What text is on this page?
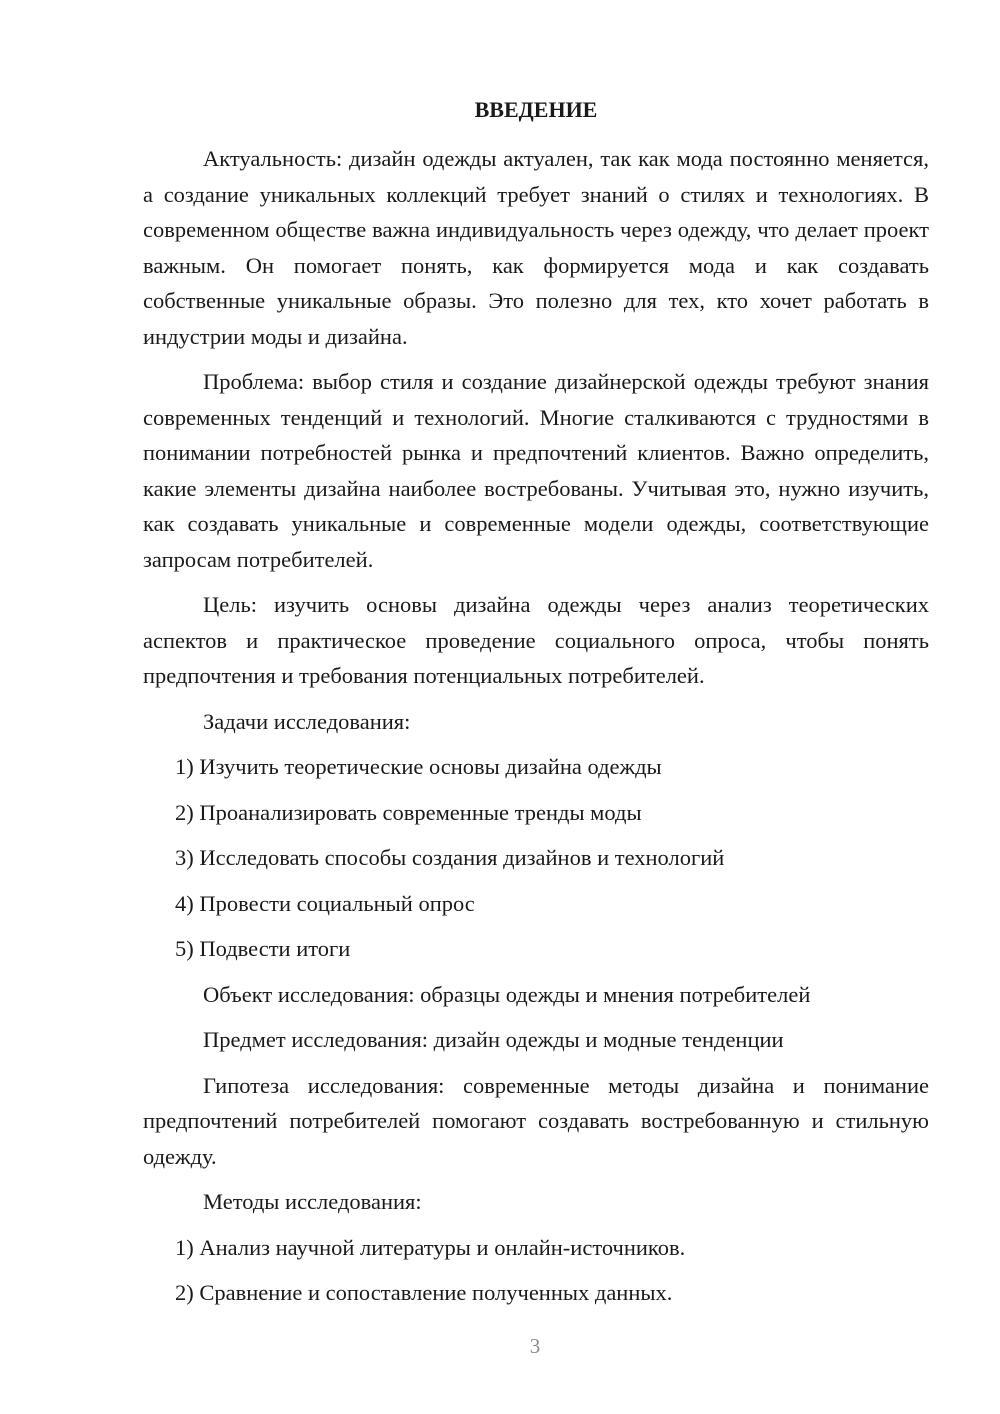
ВВЕДЕНИЕ

Актуальность: дизайн одежды актуален, так как мода постоянно меняется, а создание уникальных коллекций требует знаний о стилях и технологиях. В современном обществе важна индивидуальность через одежду, что делает проект важным. Он помогает понять, как формируется мода и как создавать собственные уникальные образы. Это полезно для тех, кто хочет работать в индустрии моды и дизайна.

Проблема: выбор стиля и создание дизайнерской одежды требуют знания современных тенденций и технологий. Многие сталкиваются с трудностями в понимании потребностей рынка и предпочтений клиентов. Важно определить, какие элементы дизайна наиболее востребованы. Учитывая это, нужно изучить, как создавать уникальные и современные модели одежды, соответствующие запросам потребителей.

Цель: изучить основы дизайна одежды через анализ теоретических аспектов и практическое проведение социального опроса, чтобы понять предпочтения и требования потенциальных потребителей.

Задачи исследования:

1) Изучить теоретические основы дизайна одежды

2) Проанализировать современные тренды моды

3) Исследовать способы создания дизайнов и технологий

4) Провести социальный опрос

5) Подвести итоги

Объект исследования: образцы одежды и мнения потребителей

Предмет исследования: дизайн одежды и модные тенденции

Гипотеза исследования: современные методы дизайна и понимание предпочтений потребителей помогают создавать востребованную и стильную одежду.

Методы исследования:

1) Анализ научной литературы и онлайн-источников.

2) Сравнение и сопоставление полученных данных.

3
